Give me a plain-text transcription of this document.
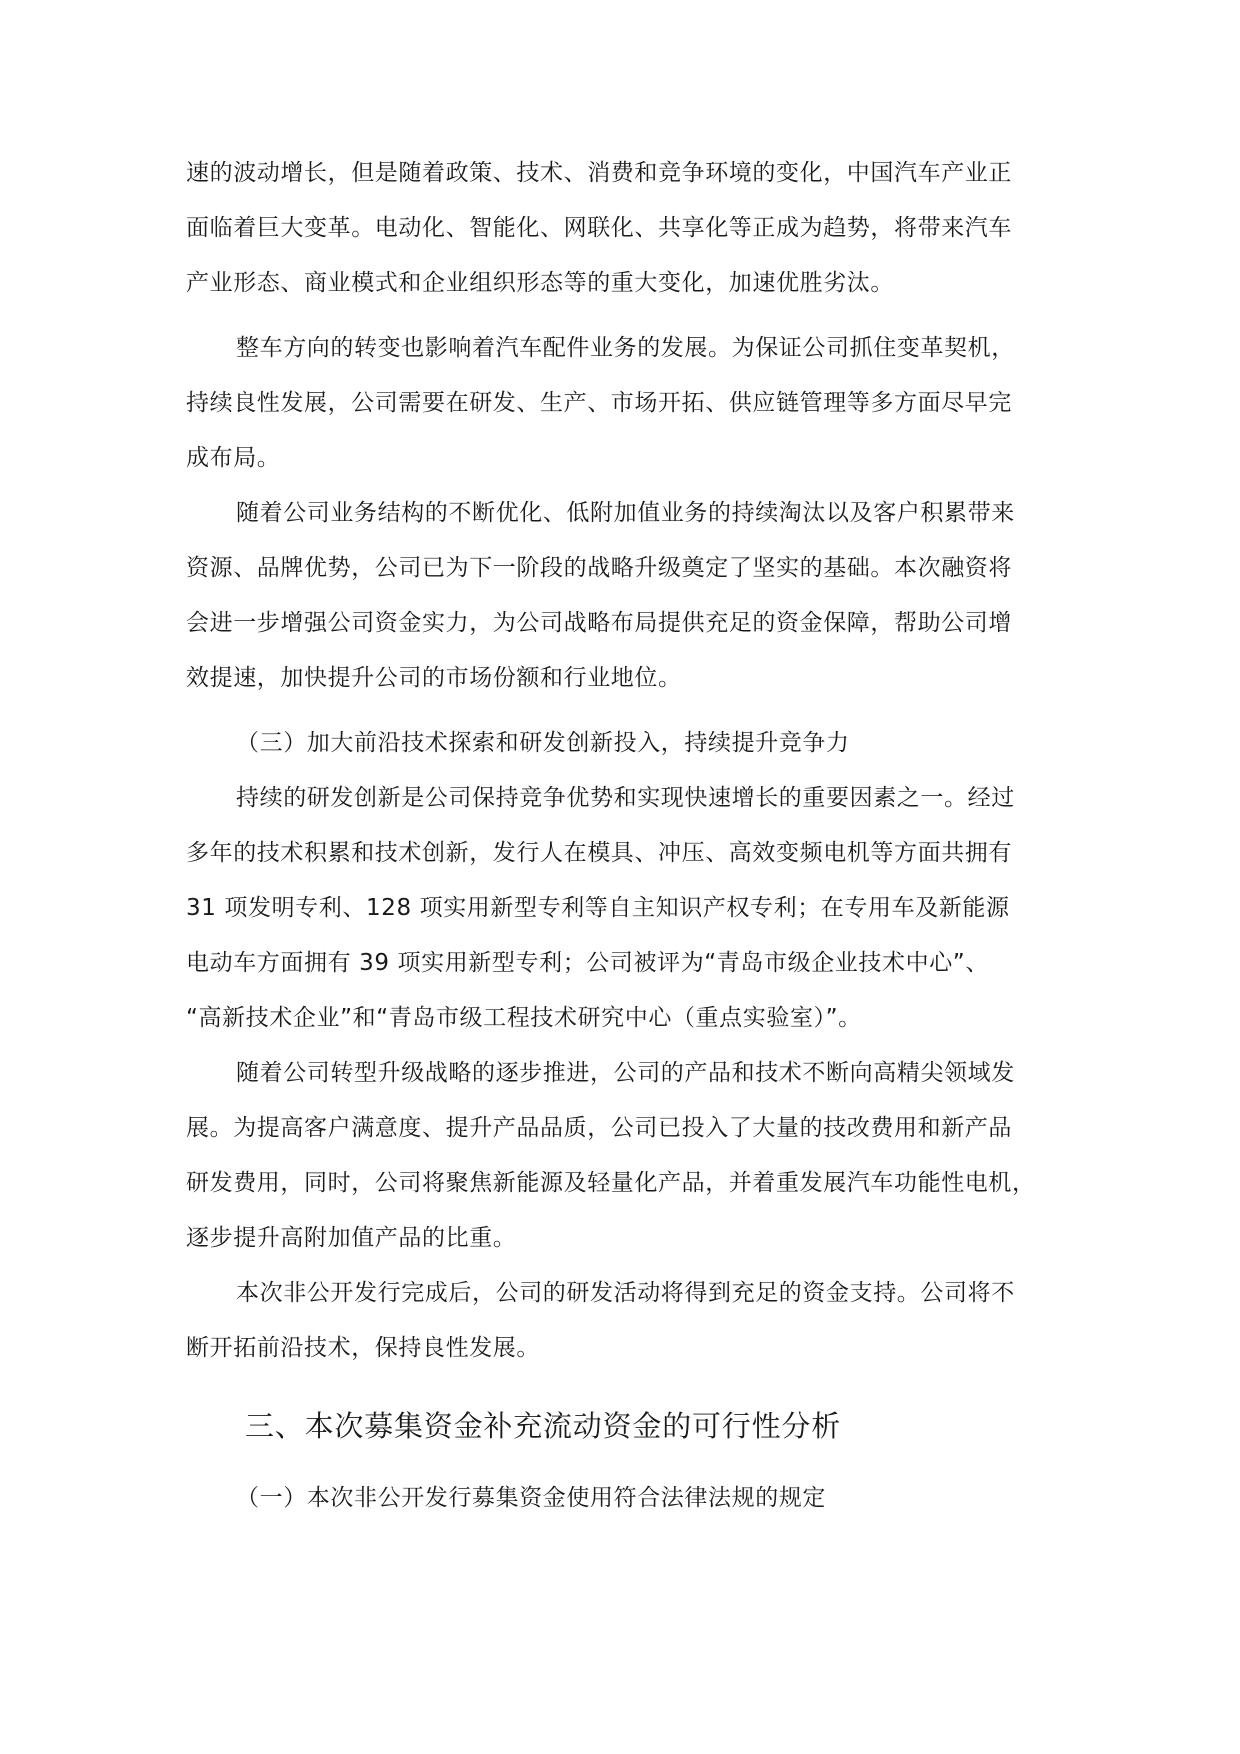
速的波动增长，但是随着政策、技术、消费和竞争环境的变化，中国汽车产业正
面临着巨大变革。电动化、智能化、网联化、共享化等正成为趋势，将带来汽车
产业形态、商业模式和企业组织形态等的重大变化，加速优胜劣汰。
整车方向的转变也影响着汽车配件业务的发展。为保证公司抓住变革契机，
持续良性发展，公司需要在研发、生产、市场开拓、供应链管理等多方面尽早完
成布局。
随着公司业务结构的不断优化、低附加值业务的持续淘汰以及客户积累带来
资源、品牌优势，公司已为下一阶段的战略升级奠定了坚实的基础。本次融资将
会进一步增强公司资金实力，为公司战略布局提供充足的资金保障，帮助公司增
效提速，加快提升公司的市场份额和行业地位。
（三）加大前沿技术探索和研发创新投入，持续提升竞争力
持续的研发创新是公司保持竞争优势和实现快速增长的重要因素之一。经过
多年的技术积累和技术创新，发行人在模具、冲压、高效变频电机等方面共拥有
31 项发明专利、128 项实用新型专利等自主知识产权专利；在专用车及新能源
电动车方面拥有 39 项实用新型专利；公司被评为“青岛市级企业技术中心”、
“高新技术企业”和“青岛市级工程技术研究中心（重点实验室）”。
随着公司转型升级战略的逐步推进，公司的产品和技术不断向高精尖领域发
展。为提高客户满意度、提升产品品质，公司已投入了大量的技改费用和新产品
研发费用，同时，公司将聚焦新能源及轻量化产品，并着重发展汽车功能性电机，
逐步提升高附加值产品的比重。
本次非公开发行完成后，公司的研发活动将得到充足的资金支持。公司将不
断开拓前沿技术，保持良性发展。
三、本次募集资金补充流动资金的可行性分析
（一）本次非公开发行募集资金使用符合法律法规的规定
